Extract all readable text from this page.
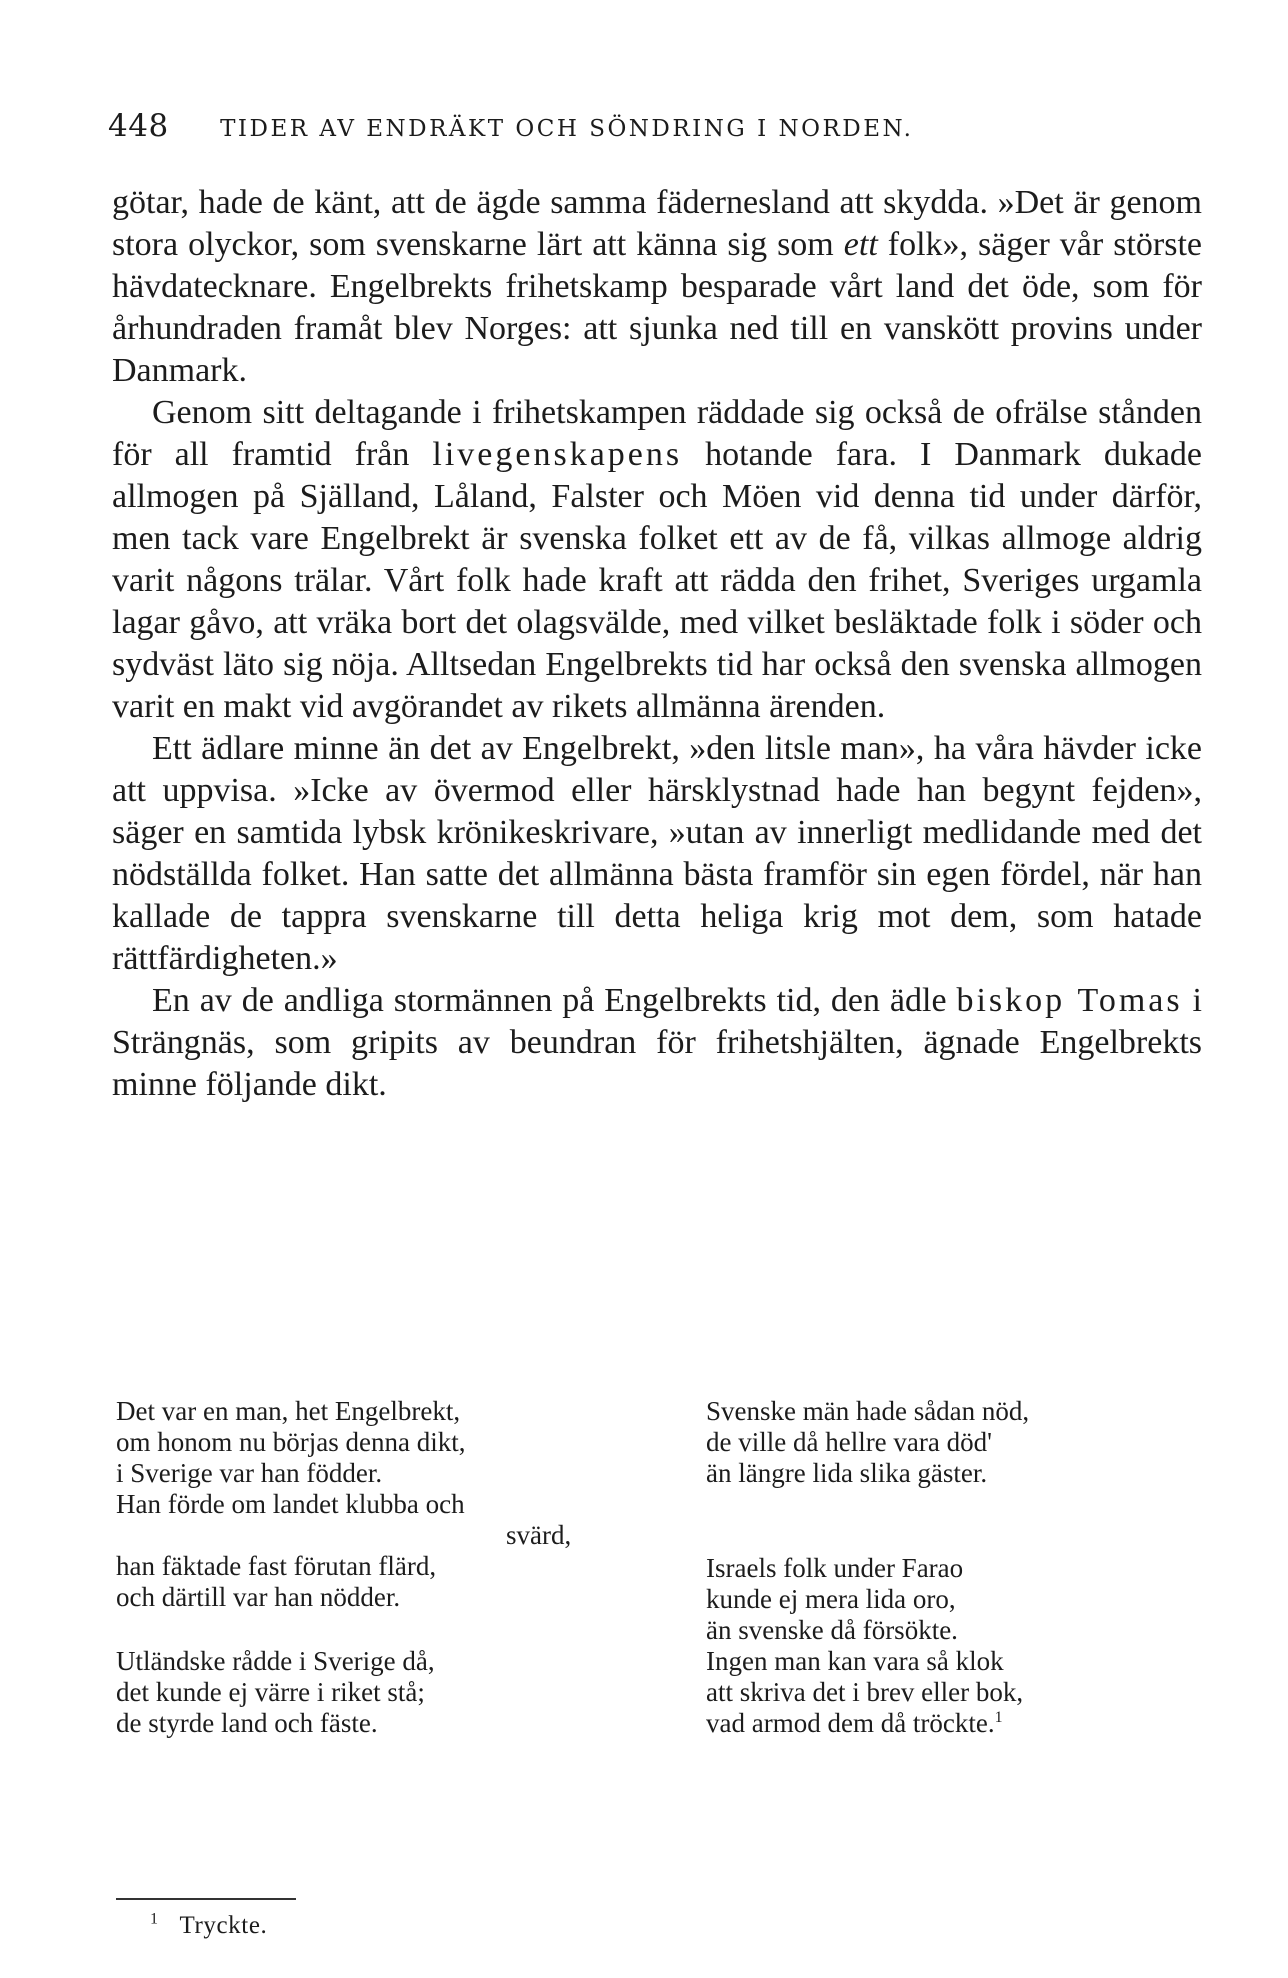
448 TIDER AV ENDRÄKT OCH SÖNDRING I NORDEN.

götar, hade de känt, att de ägde samma fädernesland att skydda. »Det är genom stora olyckor, som svenskarne lärt att känna sig som ett folk», säger vår störste hävdatecknare. Engelbrekts frihetskamp besparade vårt land det öde, som för århundraden framåt blev Norges: att sjunka ned till en vanskött provins under Danmark.

Genom sitt deltagande i frihetskampen räddade sig också de ofrälse stånden för all framtid från livegenskapens hotande fara. I Danmark dukade allmogen på Själland, Låland, Falster och Möen vid denna tid under därför, men tack vare Engelbrekt är svenska folket ett av de få, vilkas allmoge aldrig varit någons trälar. Vårt folk hade kraft att rädda den frihet, Sveriges urgamla lagar gåvo, att vräka bort det olagsvälde, med vilket besläktade folk i söder och sydväst läto sig nöja. Alltsedan Engelbrekts tid har också den svenska allmogen varit en makt vid avgörandet av rikets allmänna ärenden.

Ett ädlare minne än det av Engelbrekt, »den litsle man», ha våra hävder icke att uppvisa. »Icke av övermod eller härsklystnad hade han begynt fejden», säger en samtida lybsk krönikeskrivare, »utan av innerligt medlidande med det nödställda folket. Han satte det allmänna bästa framför sin egen fördel, när han kallade de tappra svenskarne till detta heliga krig mot dem, som hatade rättfärdigheten.»

En av de andliga stormännen på Engelbrekts tid, den ädle biskop Tomas i Strängnäs, som gripits av beundran för frihetshjälten, ägnade Engelbrekts minne följande dikt.

Det var en man, het Engelbrekt,
om honom nu börjas denna dikt,
i Sverige var han födder.
Han förde om landet klubba och
svärd,
han fäktade fast förutan flärd,
och därtill var han nödder.
Utländske rådde i Sverige då,
det kunde ej värre i riket stå;
de styrde land och fäste.
Svenske män hade sådan nöd,
de ville då hellre vara död'
än längre lida slika gäster.
Israels folk under Farao
kunde ej mera lida oro,
än svenske då försökte.
Ingen man kan vara så klok
att skriva det i brev eller bok,
vad armod dem då tröckte.$^1$
$^1$ Tryckte.
